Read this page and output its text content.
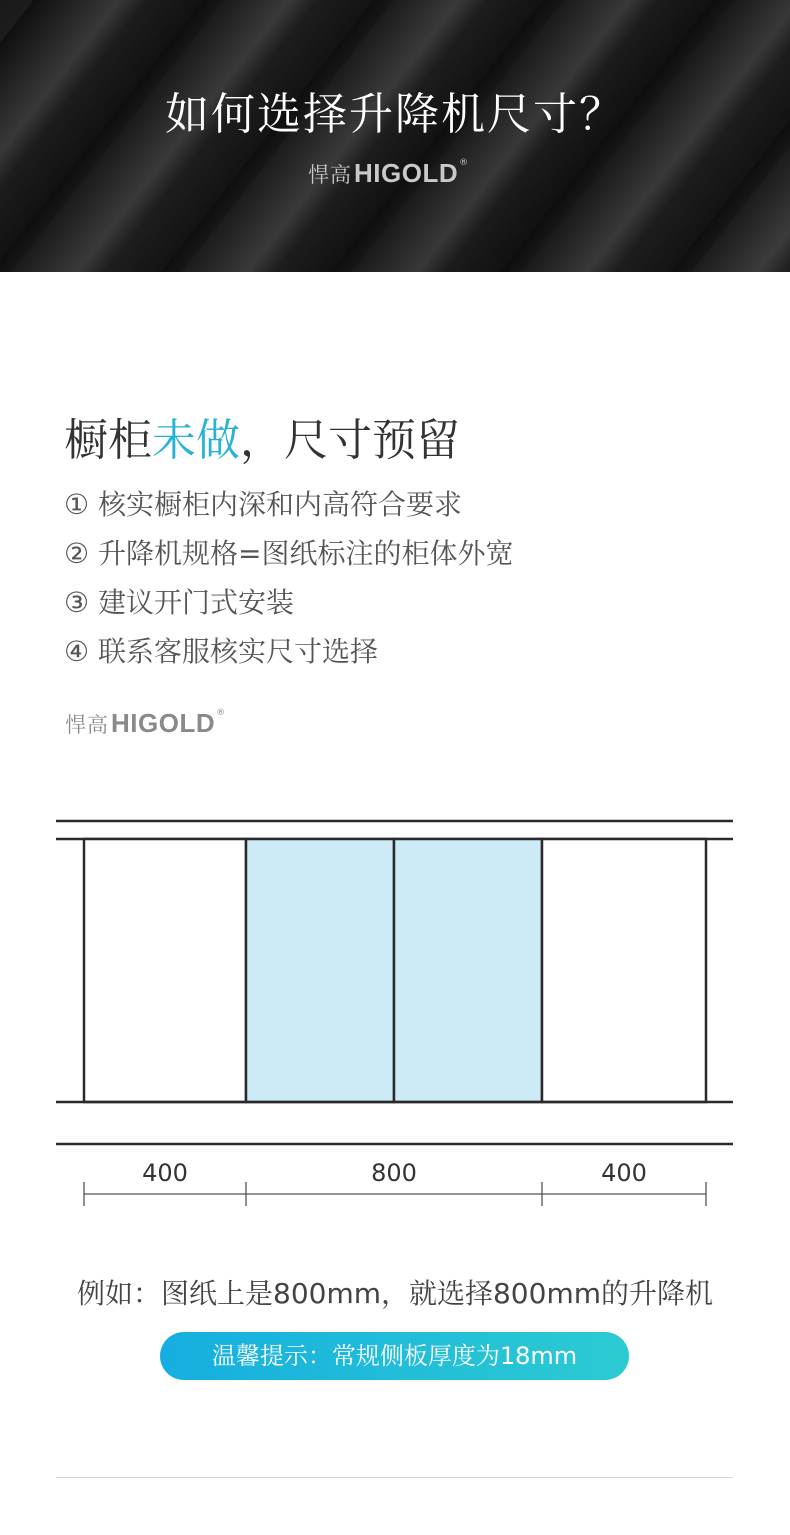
如何选择升降机尺寸？
悍高 HIGOLD ®
橱柜未做，尺寸预留
① 核实橱柜内深和内高符合要求
② 升降机规格=图纸标注的柜体外宽
③ 建议开门式安装
④ 联系客服核实尺寸选择
悍高 HIGOLD ®
400	800	400
例如：图纸上是800mm，就选择800mm的升降机
温馨提示：常规侧板厚度为18mm
